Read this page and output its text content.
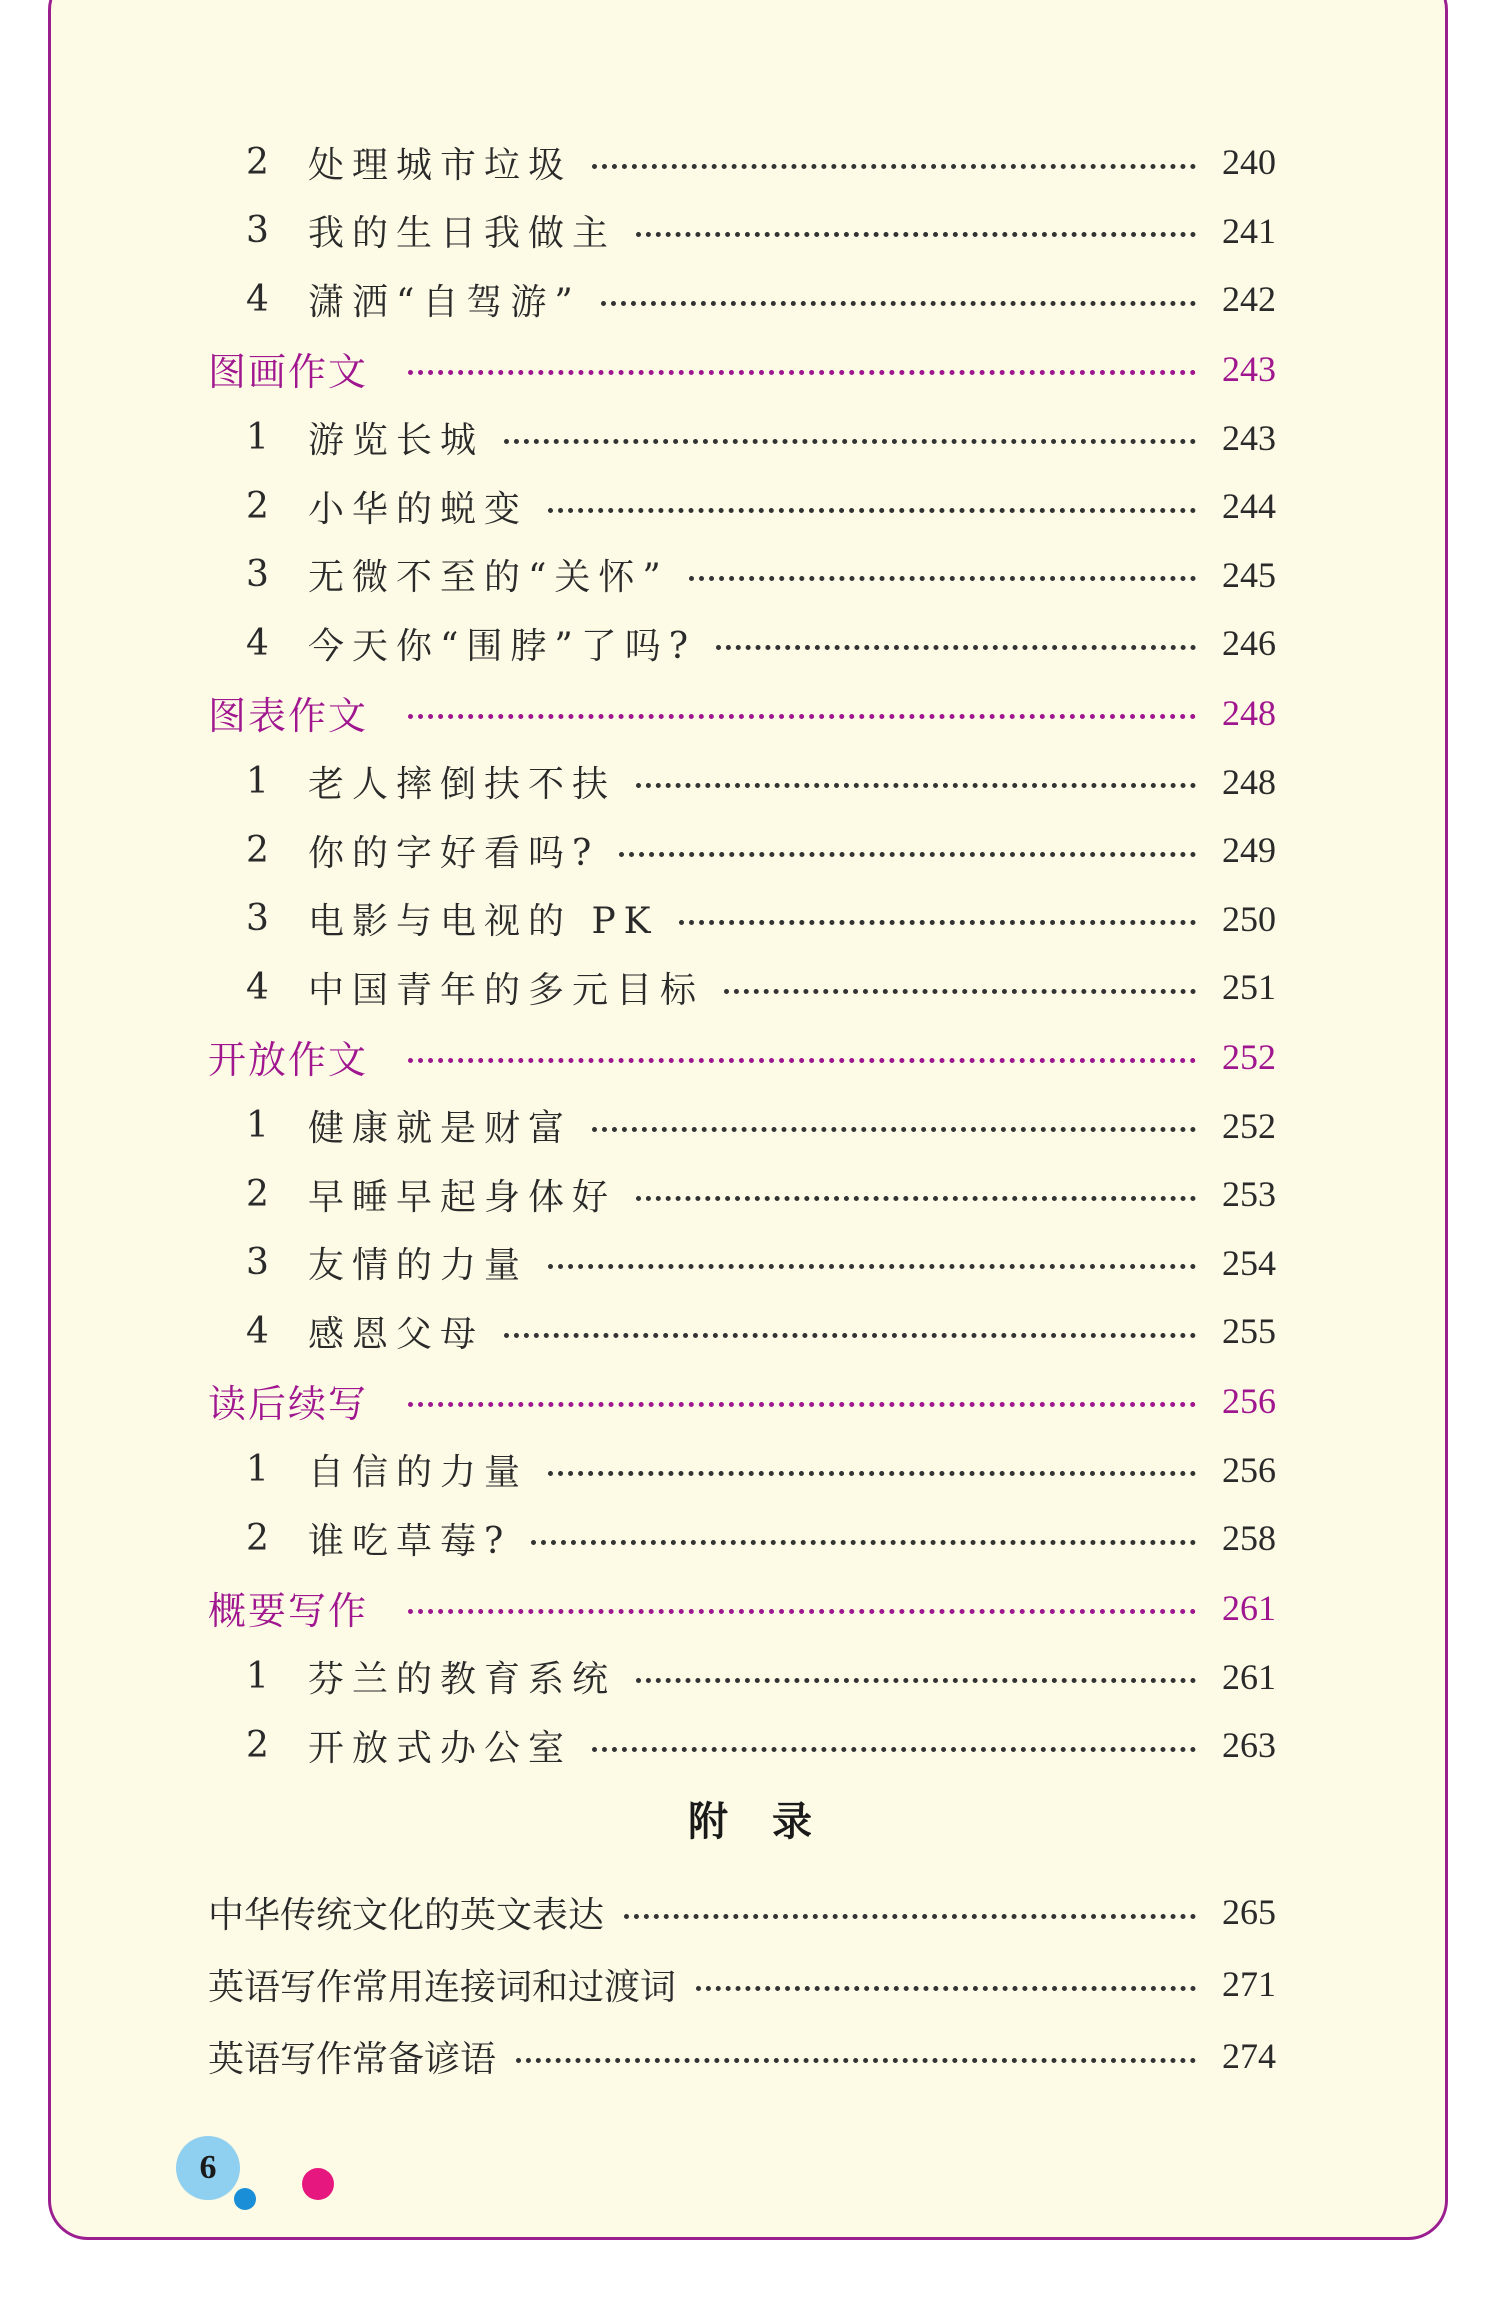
2	处理城市垃圾	240
3	我的生日我做主	241
4	潇洒“自驾游”	242
图画作文	243
1	游览长城	243
2	小华的蜕变	244
3	无微不至的“关怀”	245
4	今天你“围脖”了吗?	246
图表作文	248
1	老人摔倒扶不扶	248
2	你的字好看吗?	249
3	电影与电视的 PK	250
4	中国青年的多元目标	251
开放作文	252
1	健康就是财富	252
2	早睡早起身体好	253
3	友情的力量	254
4	感恩父母	255
读后续写	256
1	自信的力量	256
2	谁吃草莓?	258
概要写作	261
1	芬兰的教育系统	261
2	开放式办公室	263
附录
中华传统文化的英文表达	265
英语写作常用连接词和过渡词	271
英语写作常备谚语	274
6
